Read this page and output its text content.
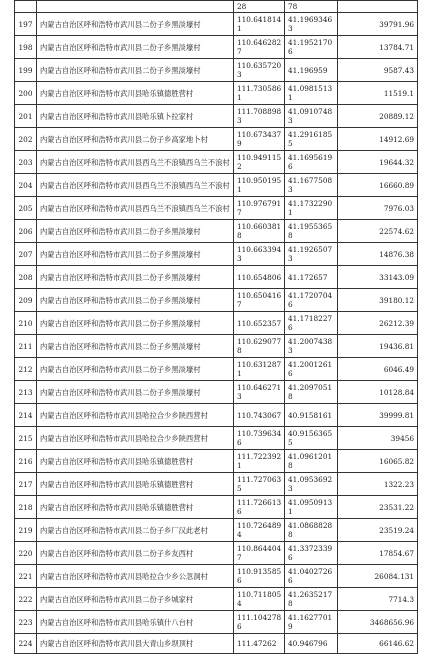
		28	78	
197	内蒙古自治区呼和浩特市武川县二份子乡黑淡壕村	110.6418141	41.19693463	39791.96
198	内蒙古自治区呼和浩特市武川县二份子乡黑淡壕村	110.6462827	41.19521706	13784.71
199	内蒙古自治区呼和浩特市武川县二份子乡黑淡壕村	110.6357203	41.196959	9587.43
200	内蒙古自治区呼和浩特市武川县哈乐镇德胜营村	111.7305861	41.09815131	11519.1
201	内蒙古自治区呼和浩特市武川县哈乐镇卜拉家村	111.7088983	41.09107483	20889.12
202	内蒙古自治区呼和浩特市武川县二份子乡高家地卜村	110.6734379	41.29161855	14912.69
203	内蒙古自治区呼和浩特市武川县西乌兰不浪镇西乌兰不浪村	110.9491152	41.16956196	19644.32
204	内蒙古自治区呼和浩特市武川县西乌兰不浪镇西乌兰不浪村	110.9501951	41.16775083	16660.89
205	内蒙古自治区呼和浩特市武川县西乌兰不浪镇西乌兰不浪村	110.9767917	41.17322901	7976.03
206	内蒙古自治区呼和浩特市武川县二份子乡黑淡壕村	110.6603818	41.19553658	22574.62
207	内蒙古自治区呼和浩特市武川县二份子乡黑淡壕村	110.6633943	41.19265073	14876.38
208	内蒙古自治区呼和浩特市武川县二份子乡黑淡壕村	110.654806	41.172657	33143.09
209	内蒙古自治区呼和浩特市武川县二份子乡黑淡壕村	110.6504167	41.17207046	39180.12
210	内蒙古自治区呼和浩特市武川县二份子乡黑淡壕村	110.652357	41.17182276	26212.39
211	内蒙古自治区呼和浩特市武川县二份子乡黑淡壕村	110.6290778	41.20074383	19436.81
212	内蒙古自治区呼和浩特市武川县二份子乡黑淡壕村	110.6312871	41.20012616	6046.49
213	内蒙古自治区呼和浩特市武川县二份子乡黑淡壕村	110.6462713	41.20970518	10128.84
214	内蒙古自治区呼和浩特市武川县哈拉合少乡陕西营村	110.743067	40.9158161	39999.81
215	内蒙古自治区呼和浩特市武川县哈拉合少乡陕西营村	110.7396346	40.91563655	39456
216	内蒙古自治区呼和浩特市武川县哈乐镇德胜营村	111.7223921	41.09612018	16065.82
217	内蒙古自治区呼和浩特市武川县哈乐镇德胜营村	111.7270635	41.09536923	1322.23
218	内蒙古自治区呼和浩特市武川县哈乐镇德胜营村	111.7266136	41.09509131	23531.22
219	内蒙古自治区呼和浩特市武川县二份子乡厂汉此老村	110.7264894	41.08688288	23519.24
220	内蒙古自治区呼和浩特市武川县二份子乡友西村	110.8644047	41.33723396	17854.67
221	内蒙古自治区呼和浩特市武川县哈拉合少乡公忽洞村	110.9135856	41.04027266	26084.131
222	内蒙古自治区呼和浩特市武川县二份子乡城家村	110.7118054	41.26352178	7714.3
223	内蒙古自治区呼和浩特市武川县哈乐镇什八台村	111.1042786	41.16277019	3468656.96
224	内蒙古自治区呼和浩特市武川县大青山乡坝顶村	111.47262	40.946796	66146.62
